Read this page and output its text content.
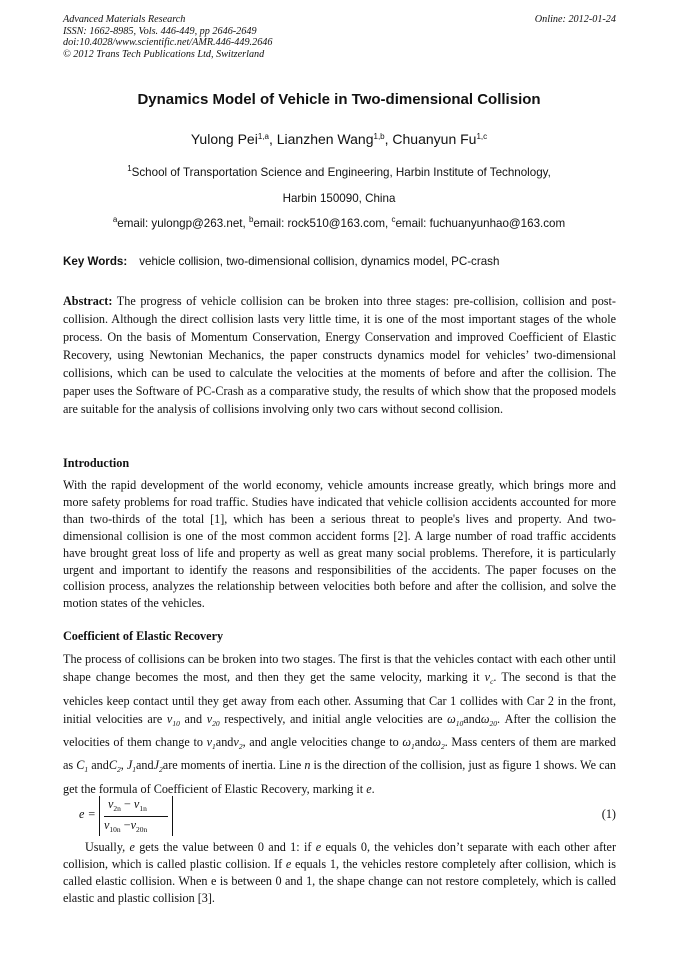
Advanced Materials Research
ISSN: 1662-8985, Vols. 446-449, pp 2646-2649
doi:10.4028/www.scientific.net/AMR.446-449.2646
© 2012 Trans Tech Publications Ltd, Switzerland
Online: 2012-01-24
Dynamics Model of Vehicle in Two-dimensional Collision
Yulong Pei$^{1,a}$, Lianzhen Wang$^{1,b}$, Chuanyun Fu$^{1,c}$
$^1$School of Transportation Science and Engineering, Harbin Institute of Technology,
Harbin 150090, China
$^a$email: yulongp@263.net, $^b$email: rock510@163.com, $^c$email: fuchuanyunhao@163.com
Key Words: vehicle collision, two-dimensional collision, dynamics model, PC-crash
Abstract: The progress of vehicle collision can be broken into three stages: pre-collision, collision and post-collision. Although the direct collision lasts very little time, it is one of the most important stages of the whole process. On the basis of Momentum Conservation, Energy Conservation and improved Coefficient of Elastic Recovery, using Newtonian Mechanics, the paper constructs dynamics model for vehicles’ two-dimensional collisions, which can be used to calculate the velocities at the moments of before and after the collision. The paper uses the Software of PC-Crash as a comparative study, the results of which show that the proposed models are suitable for the analysis of collisions involving only two cars without second collision.
Introduction
With the rapid development of the world economy, vehicle amounts increase greatly, which brings more and more safety problems for road traffic. Studies have indicated that vehicle collision accidents accounted for more than two-thirds of the total [1], which has been a serious threat to people's lives and property. And two-dimensional collision is one of the most common accident forms [2]. A large number of road traffic accidents have brought great loss of life and property as well as great many social problems. Therefore, it is particularly urgent and important to identify the reasons and responsibilities of the accidents. The paper focuses on the collision process, analyzes the relationship between velocities both before and after the collision, and solve the motion states of the vehicles.
Coefficient of Elastic Recovery
The process of collisions can be broken into two stages. The first is that the vehicles contact with each other until shape change becomes the most, and then they get the same velocity, marking it $v_c$. The second is that the vehicles keep contact until they get away from each other. Assuming that Car 1 collides with Car 2 in the front, initial velocities are $v_{10}$ and $v_{20}$ respectively, and initial angle velocities are $\omega_{10}and\omega_{20}$. After the collision the velocities of them change to $v_1andv_2$, and angle velocities change to $\omega_1and\omega_2$. Mass centers of them are marked as $C_1$ andC$_2$, $J_1andJ_2are$ moments of inertia. Line n is the direction of the collision, just as figure 1 shows. We can get the formula of Coefficient of Elastic Recovery, marking it e.
e =
$v_{2n} - v_{1n}$
$v_{10n} -v_{20n}$
(1)
Usually, e gets the value between 0 and 1: if e equals 0, the vehicles don’t separate with each other after collision, which is called plastic collision. If e equals 1, the vehicles restore completely after collision, which is called elastic collision. When e is between 0 and 1, the shape change can not restore completely, which is called elastic and plastic collision [3].
